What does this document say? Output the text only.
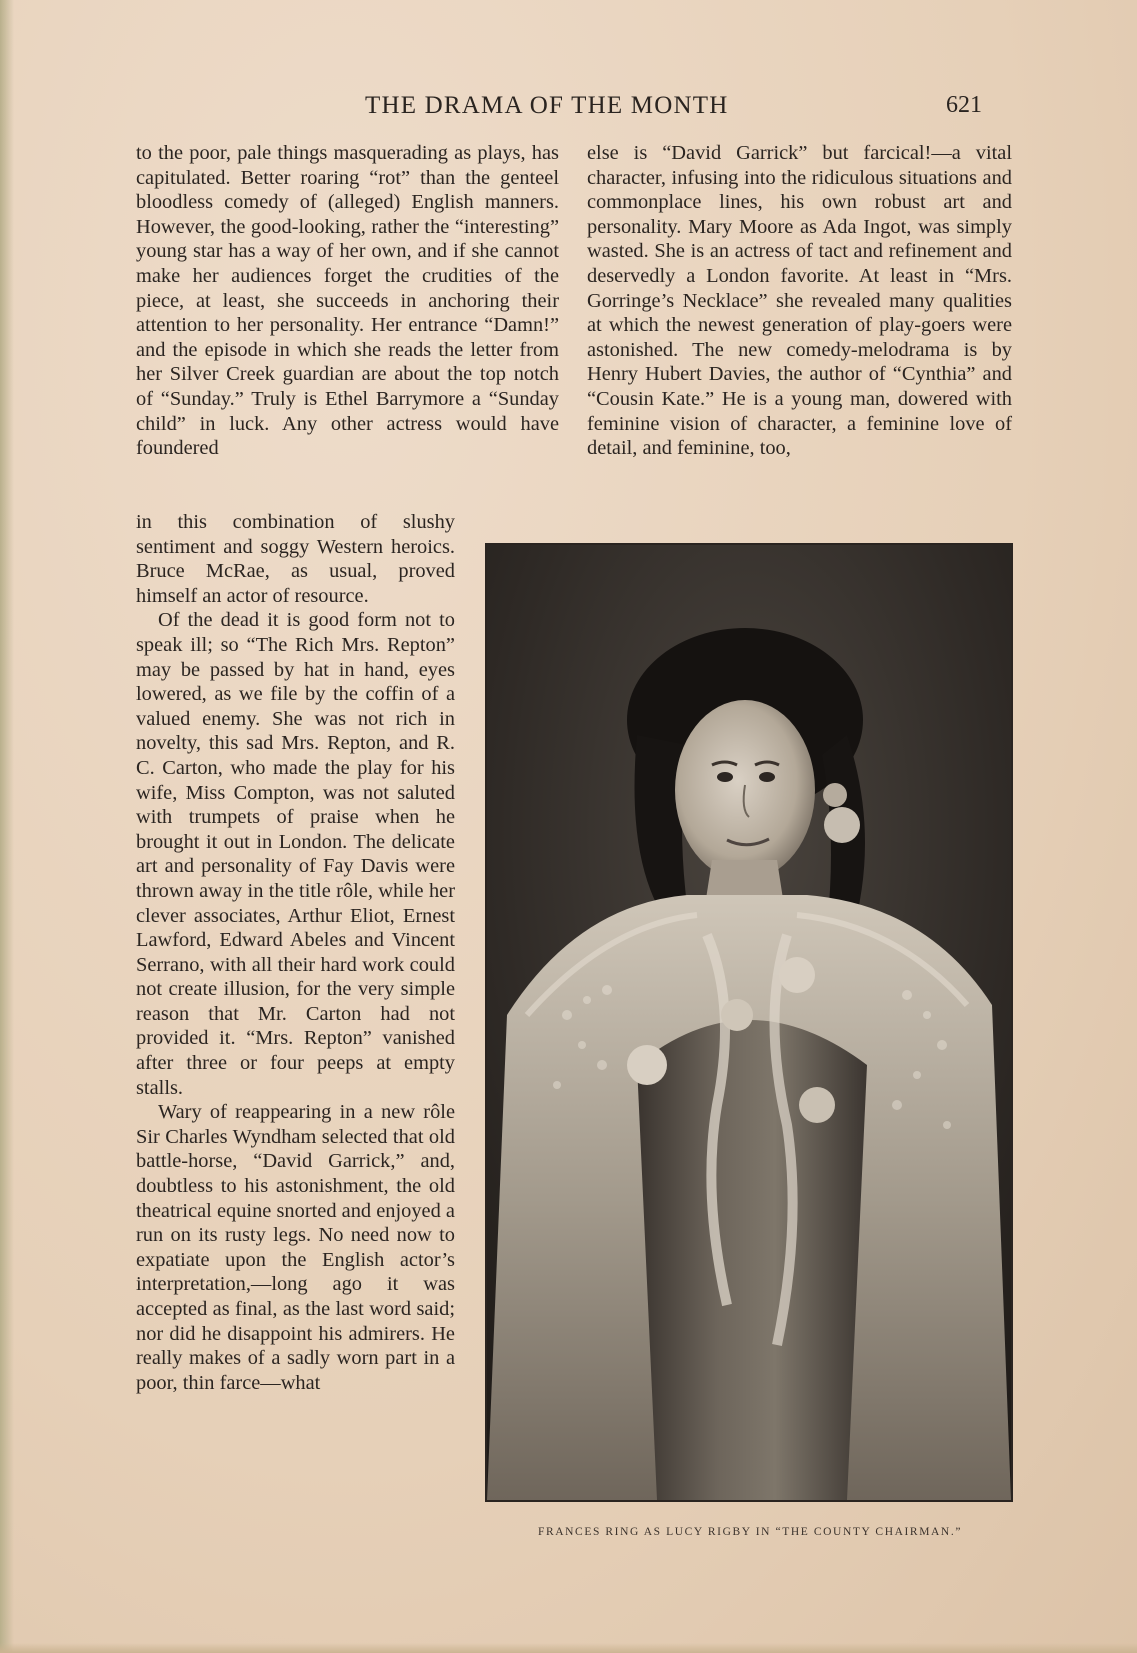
THE DRAMA OF THE MONTH	621

to the poor, pale things masquerading as plays, has capitulated. Better roaring “rot” than the genteel bloodless comedy of (alleged) English manners. However, the good-looking, rather the “interesting” young star has a way of her own, and if she cannot make her audiences forget the crudities of the piece, at least, she succeeds in anchoring their attention to her personality. Her entrance “Damn!” and the episode in which she reads the letter from her Silver Creek guardian are about the top notch of “Sunday.” Truly is Ethel Barrymore a “Sunday child” in luck. Any other actress would have foundered

else is “David Garrick” but farcical!—a vital character, infusing into the ridiculous situations and commonplace lines, his own robust art and personality. Mary Moore as Ada Ingot, was simply wasted. She is an actress of tact and refinement and deservedly a London favorite. At least in “Mrs. Gorringe’s Necklace” she revealed many qualities at which the newest generation of play-goers were astonished. The new comedy-melodrama is by Henry Hubert Davies, the author of “Cynthia” and “Cousin Kate.” He is a young man, dowered with feminine vision of character, a feminine love of detail, and feminine, too,

in this combination of slushy sentiment and soggy Western heroics. Bruce McRae, as usual, proved himself an actor of resource.

Of the dead it is good form not to speak ill; so “The Rich Mrs. Repton” may be passed by hat in hand, eyes lowered, as we file by the coffin of a valued enemy. She was not rich in novelty, this sad Mrs. Repton, and R. C. Carton, who made the play for his wife, Miss Compton, was not saluted with trumpets of praise when he brought it out in London. The delicate art and personality of Fay Davis were thrown away in the title rôle, while her clever associates, Arthur Eliot, Ernest Lawford, Edward Abeles and Vincent Serrano, with all their hard work could not create illusion, for the very simple reason that Mr. Carton had not provided it. “Mrs. Repton” vanished after three or four peeps at empty stalls.

Wary of reappearing in a new rôle Sir Charles Wyndham selected that old battle-horse, “David Garrick,” and, doubtless to his astonishment, the old theatrical equine snorted and enjoyed a run on its rusty legs. No need now to expatiate upon the English actor’s interpretation,—long ago it was accepted as final, as the last word said; nor did he disappoint his admirers. He really makes of a sadly worn part in a poor, thin farce—what

FRANCES RING AS LUCY RIGBY IN “THE COUNTY CHAIRMAN.”
